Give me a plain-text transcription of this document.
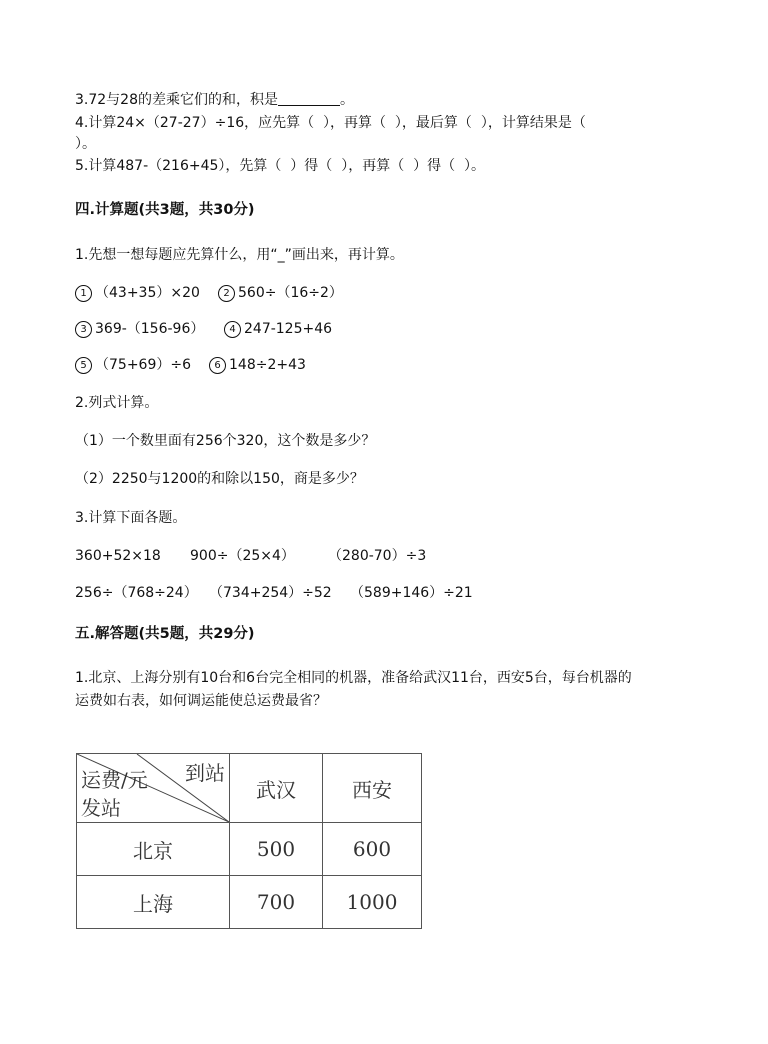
3.72与28的差乘它们的和，积是	。
4.计算24×（27-27）÷16，应先算（  ），再算（  ），最后算（  ），计算结果是（
）。
5.计算487-（216+45），先算（  ）得（  ），再算（  ）得（  ）。
四.计算题(共3题，共30分)
1.先想一想每题应先算什么，用“_”画出来，再计算。
1 （43+35）×20	2 560÷（16÷2）
3 369-（156-96）	4 247-125+46
5 （75+69）÷6	6 148÷2+43
2.列式计算。
（1）一个数里面有256个320，这个数是多少？
（2）2250与1200的和除以150，商是多少？
3.计算下面各题。
360+52×18 900÷（25×4） （280-70）÷3
256÷（768÷24） （734+254）÷52 （589+146）÷21
五.解答题(共5题，共29分)
1.北京、上海分别有10台和6台完全相同的机器，准备给武汉11台，西安5台，每台机器的
运费如右表，如何调运能使总运费最省？
到站
运费/元
发站	武汉	西安
北京	500	600
上海	700	1000
